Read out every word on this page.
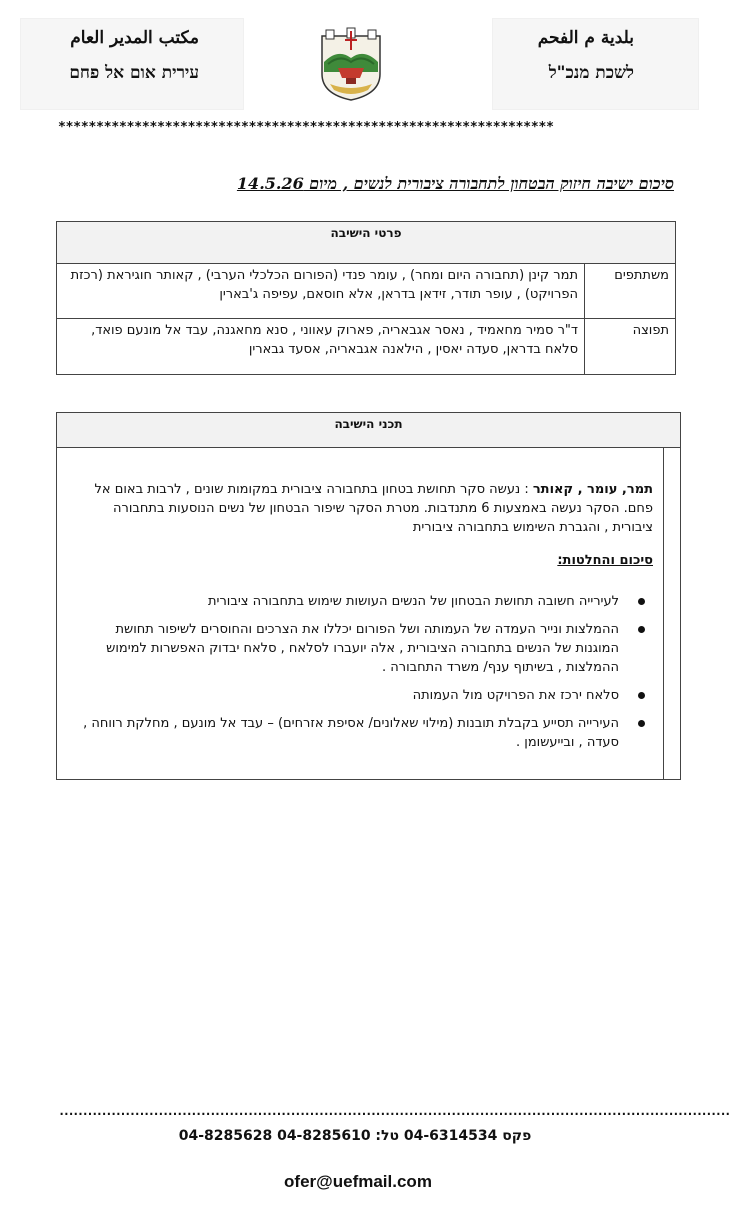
مكتب المدير العام
עירית אום אל פחם
بلدية م الفحم
לשכת מנכ"ל
*****************************************************************
סיכום ישיבה חיזוק הבטחון לתחבורה ציבורית לנשים , מיום 14.5.26
פרטי הישיבה	
תמר קינן (תחבורה היום ומחר) , עומר פנדי (הפורום הכלכלי הערבי) , קאותר חוגיראת (רכזת הפרויקט) , עופר תודר, זידאן בדראן, אלא חוסאם, עפיפה ג'בארין	משתתפים
ד"ר סמיר מחאמיד , נאסר אגבאריה, פארוק עאווני , סנא מחאגנה, עבד אל מונעם פואד, סלאח בדראן, סעדה יאסין , הילאנה אגבאריה, אסעד גבארין	תפוצה
תכני הישיבה

תמר, עומר , קאותר : נעשה סקר תחושת בטחון בתחבורה ציבורית במקומות שונים , לרבות באום אל פחם. הסקר נעשה באמצעות 6 מתנדבות. מטרת הסקר שיפור הבטחון של נשים הנוסעות בתחבורה ציבורית , והגברת השימוש בתחבורה ציבורית

סיכום והחלטות:

לעירייה חשובה תחושת הבטחון של הנשים העושות שימוש בתחבורה ציבורית
ההמלצות ונייר העמדה של העמותה ושל הפורום יכללו את הצרכים והחוסרים לשיפור תחושת המוגנות של הנשים בתחבורה הציבורית , אלה יועברו לסלאח , סלאח יבדוק האפשרות למימוש ההמלצות , בשיתוף ענף/ משרד התחבורה .
סלאח ירכז את הפרויקט מול העמותה
העירייה תסייע בקבלת תובנות (מילוי שאלונים/ אסיפת אזרחים) – עבד אל מונעם , מחלקת רווחה , סעדה , ובייעשומן .

..............................................................................................................................................
פקס 04-6314534 טל: 04-8285610 04-8285628
ofer@uefmail.com
